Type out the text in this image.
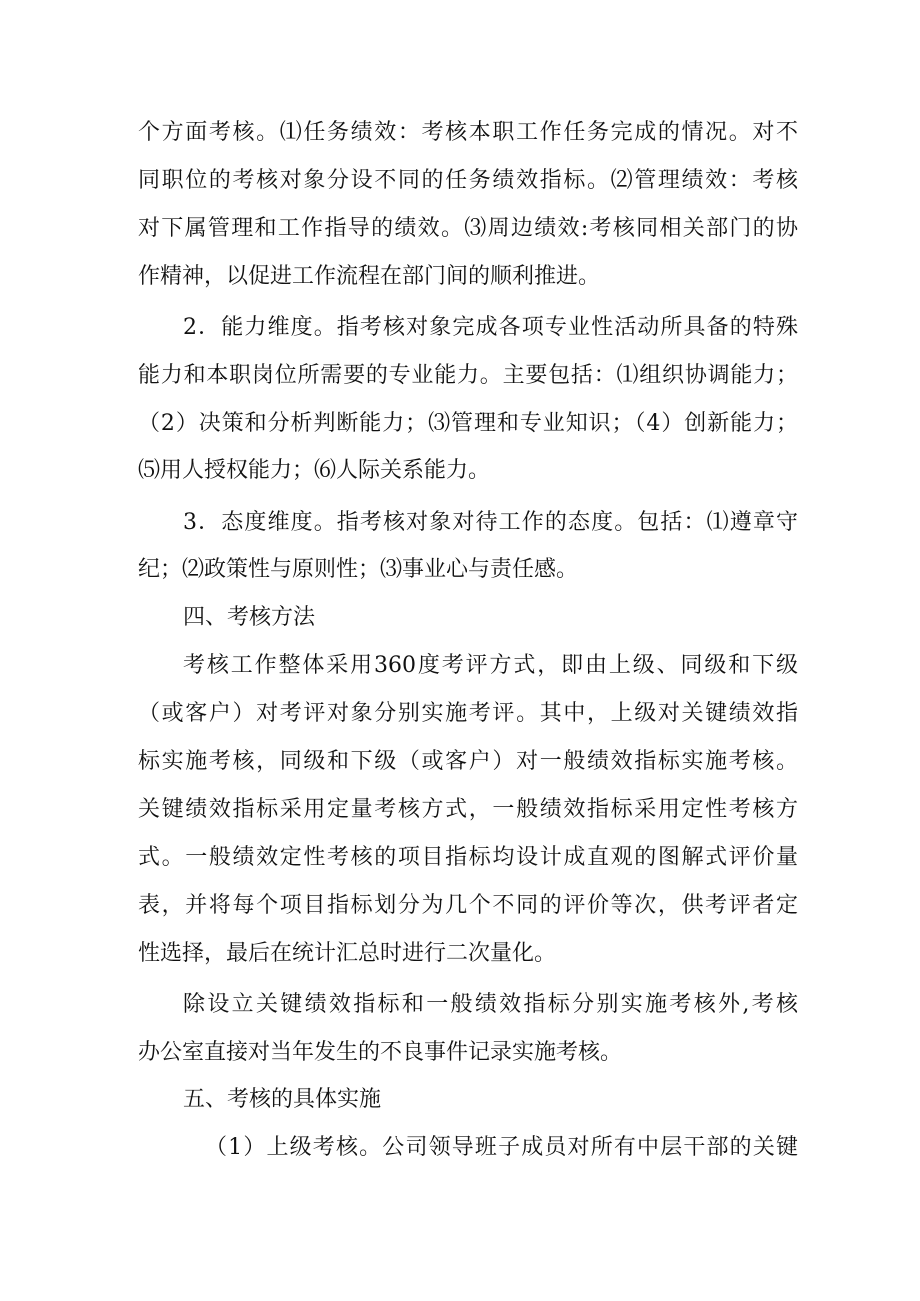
个方面考核。⑴任务绩效：考核本职工作任务完成的情况。对不
同职位的考核对象分设不同的任务绩效指标。⑵管理绩效：考核
对下属管理和工作指导的绩效。⑶周边绩效:考核同相关部门的协
作精神，以促进工作流程在部门间的顺利推进。
2．能力维度。指考核对象完成各项专业性活动所具备的特殊
能力和本职岗位所需要的专业能力。主要包括：⑴组织协调能力；
（2）决策和分析判断能力；⑶管理和专业知识；（4）创新能力；
⑸用人授权能力；⑹人际关系能力。
3．态度维度。指考核对象对待工作的态度。包括：⑴遵章守
纪；⑵政策性与原则性；⑶事业心与责任感。
四、考核方法
考核工作整体采用360度考评方式，即由上级、同级和下级
（或客户）对考评对象分别实施考评。其中，上级对关键绩效指
标实施考核，同级和下级（或客户）对一般绩效指标实施考核。
关键绩效指标采用定量考核方式，一般绩效指标采用定性考核方
式。一般绩效定性考核的项目指标均设计成直观的图解式评价量
表，并将每个项目指标划分为几个不同的评价等次，供考评者定
性选择，最后在统计汇总时进行二次量化。
除设立关键绩效指标和一般绩效指标分别实施考核外,考核
办公室直接对当年发生的不良事件记录实施考核。
五、考核的具体实施
（1）上级考核。公司领导班子成员对所有中层干部的关键
